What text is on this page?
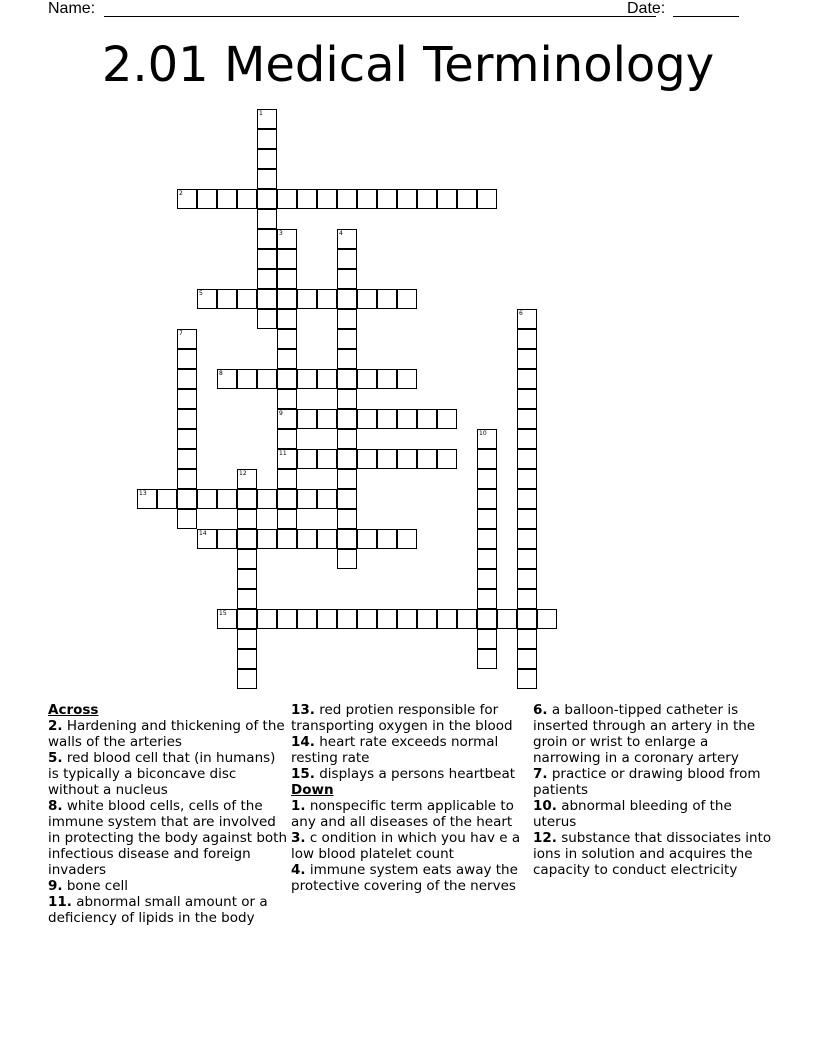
Name:	Date:
2.01 Medical Terminology
1
2
3
9
11
4
5
6
7
8
10
12
13
14
15
Across
2. Hardening and thickening of the walls of the arteries
5. red blood cell that (in humans) is typically a biconcave disc without a nucleus
8. white blood cells, cells of the immune system that are involved in protecting the body against both infectious disease and foreign invaders
9. bone cell
11. abnormal small amount or a deficiency of lipids in the body
13. red protien responsible for transporting oxygen in the blood
14. heart rate exceeds normal resting rate
15. displays a persons heartbeat
Down
1. nonspecific term applicable to any and all diseases of the heart
3. c ondition in which you hav e a low blood platelet count
4. immune system eats away the protective covering of the nerves
6. a balloon-tipped catheter is inserted through an artery in the groin or wrist to enlarge a narrowing in a coronary artery
7. practice or drawing blood from patients
10. abnormal bleeding of the uterus
12. substance that dissociates into ions in solution and acquires the capacity to conduct electricity
